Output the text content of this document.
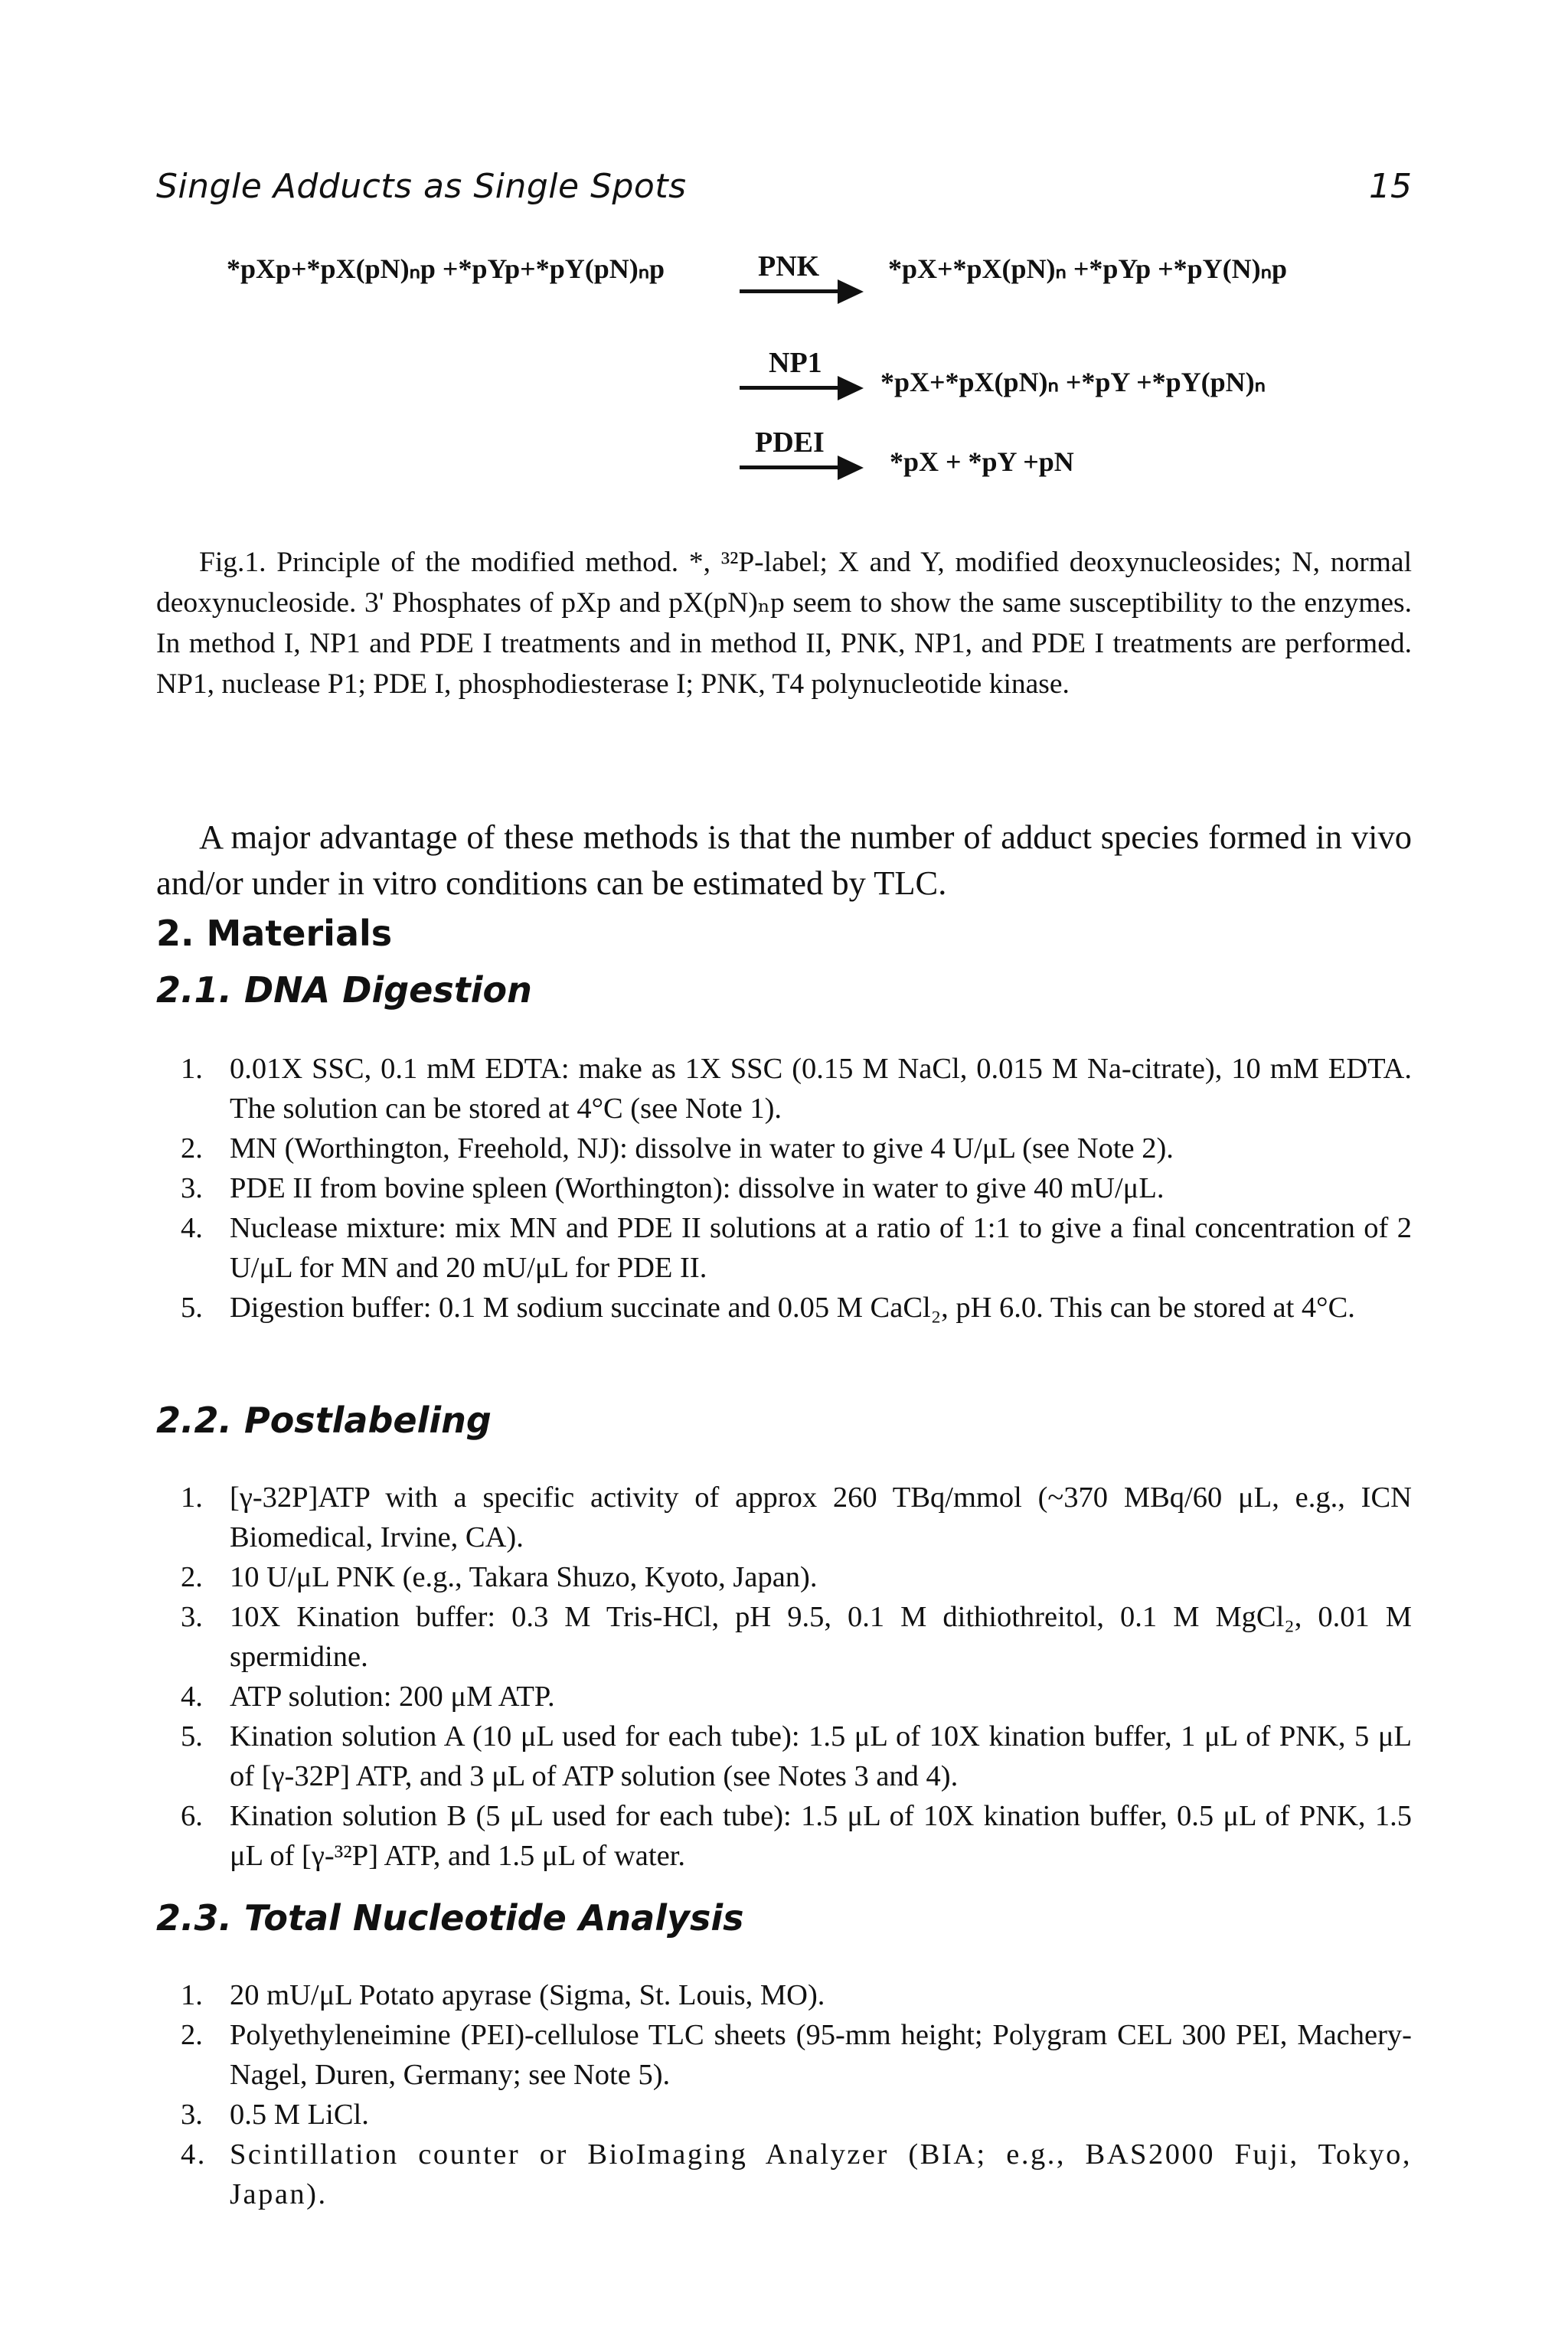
Single Adducts as Single Spots	15
*pXp+*pX(pN)ₙp +*pYp+*pY(pN)ₙp	PNK *pX+*pX(pN)ₙ +*pYp +*pY(N)ₙp
NP1
*pX+*pX(pN)ₙ +*pY +*pY(pN)ₙ
PDEI
*pX + *pY +pN

Fig.1. Principle of the modified method. *, ³²P-label; X and Y, modified deoxynucleosides; N, normal deoxynucleoside. 3' Phosphates of pXp and pX(pN)ₙp seem to show the same susceptibility to the enzymes. In method I, NP1 and PDE I treatments and in method II, PNK, NP1, and PDE I treatments are performed. NP1, nuclease P1; PDE I, phosphodiesterase I; PNK, T4 polynucleotide kinase.

A major advantage of these methods is that the number of adduct species formed in vivo and/or under in vitro conditions can be estimated by TLC.

2. Materials
2.1. DNA Digestion
1. 0.01X SSC, 0.1 mM EDTA: make as 1X SSC (0.15 M NaCl, 0.015 M Na-citrate), 10 mM EDTA. The solution can be stored at 4°C (see Note 1).
2. MN (Worthington, Freehold, NJ): dissolve in water to give 4 U/μL (see Note 2).
3. PDE II from bovine spleen (Worthington): dissolve in water to give 40 mU/μL.
4. Nuclease mixture: mix MN and PDE II solutions at a ratio of 1:1 to give a final concentration of 2 U/μL for MN and 20 mU/μL for PDE II.
5. Digestion buffer: 0.1 M sodium succinate and 0.05 M CaCl₂, pH 6.0. This can be stored at 4°C.
2.2. Postlabeling
1. [γ-32P]ATP with a specific activity of approx 260 TBq/mmol (~370 MBq/60 μL, e.g., ICN Biomedical, Irvine, CA).
2. 10 U/μL PNK (e.g., Takara Shuzo, Kyoto, Japan).
3. 10X Kination buffer: 0.3 M Tris-HCl, pH 9.5, 0.1 M dithiothreitol, 0.1 M MgCl₂, 0.01 M spermidine.
4. ATP solution: 200 μM ATP.
5. Kination solution A (10 μL used for each tube): 1.5 μL of 10X kination buffer, 1 μL of PNK, 5 μL of [γ-32P] ATP, and 3 μL of ATP solution (see Notes 3 and 4).
6. Kination solution B (5 μL used for each tube): 1.5 μL of 10X kination buffer, 0.5 μL of PNK, 1.5 μL of [γ-³²P] ATP, and 1.5 μL of water.
2.3. Total Nucleotide Analysis
1. 20 mU/μL Potato apyrase (Sigma, St. Louis, MO).
2. Polyethyleneimine (PEI)-cellulose TLC sheets (95-mm height; Polygram CEL 300 PEI, Machery-Nagel, Duren, Germany; see Note 5).
3. 0.5 M LiCl.
4. Scintillation counter or BioImaging Analyzer (BIA; e.g., BAS2000 Fuji, Tokyo, Japan).
